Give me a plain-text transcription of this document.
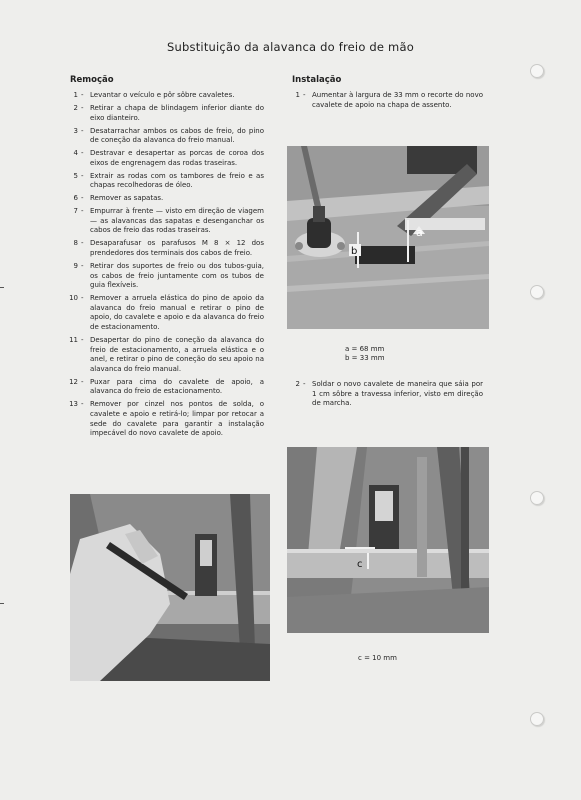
Substituição da alavanca do freio de mão
Remoção
1 - Levantar o veículo e pôr sôbre cavaletes.
2 - Retirar a chapa de blindagem inferior diante do eixo dianteiro.
3 - Desatarrachar ambos os cabos de freio, do pino de coneção da alavanca do freio manual.
4 - Destravar e desapertar as porcas de coroa dos eixos de engrenagem das rodas traseiras.
5 - Extrair as rodas com os tambores de freio e as chapas recolhedoras de óleo.
6 - Remover as sapatas.
7 - Empurrar à frente — visto em direção de viagem — as alavancas das sapatas e desenganchar os cabos de freio das rodas traseiras.
8 - Desaparafusar os parafusos M 8 × 12 dos prendedores dos terminais dos cabos de freio.
9 - Retirar dos suportes de freio ou dos tubos-guia, os cabos de freio juntamente com os tubos de guia flexíveis.
10 - Remover a arruela elástica do pino de apoio da alavanca do freio manual e retirar o pino de apoio, do cavalete e apoio e da alavanca do freio de estacionamento.
11 - Desapertar do pino de coneção da alavanca do freio de estacionamento, a arruela elástica e o anel, e retirar o pino de coneção do seu apoio na alavanca do freio manual.
12 - Puxar para cima do cavalete de apoio, a alavanca do freio de estacionamento.
13 - Remover por cinzel nos pontos de solda, o cavalete e apoio e retirá-lo; limpar por retocar a sede do cavalete para garantir a instalação impecável do novo cavalete de apoio.
Instalação
1 - Aumentar à largura de 33 mm o recorte do novo cavalete de apoio na chapa de assento.
a
b
a = 68 mm
b = 33 mm
2 - Soldar o novo cavalete de maneira que sáia por 1 cm sôbre a travessa inferior, visto em direção de marcha.
c
c = 10 mm
